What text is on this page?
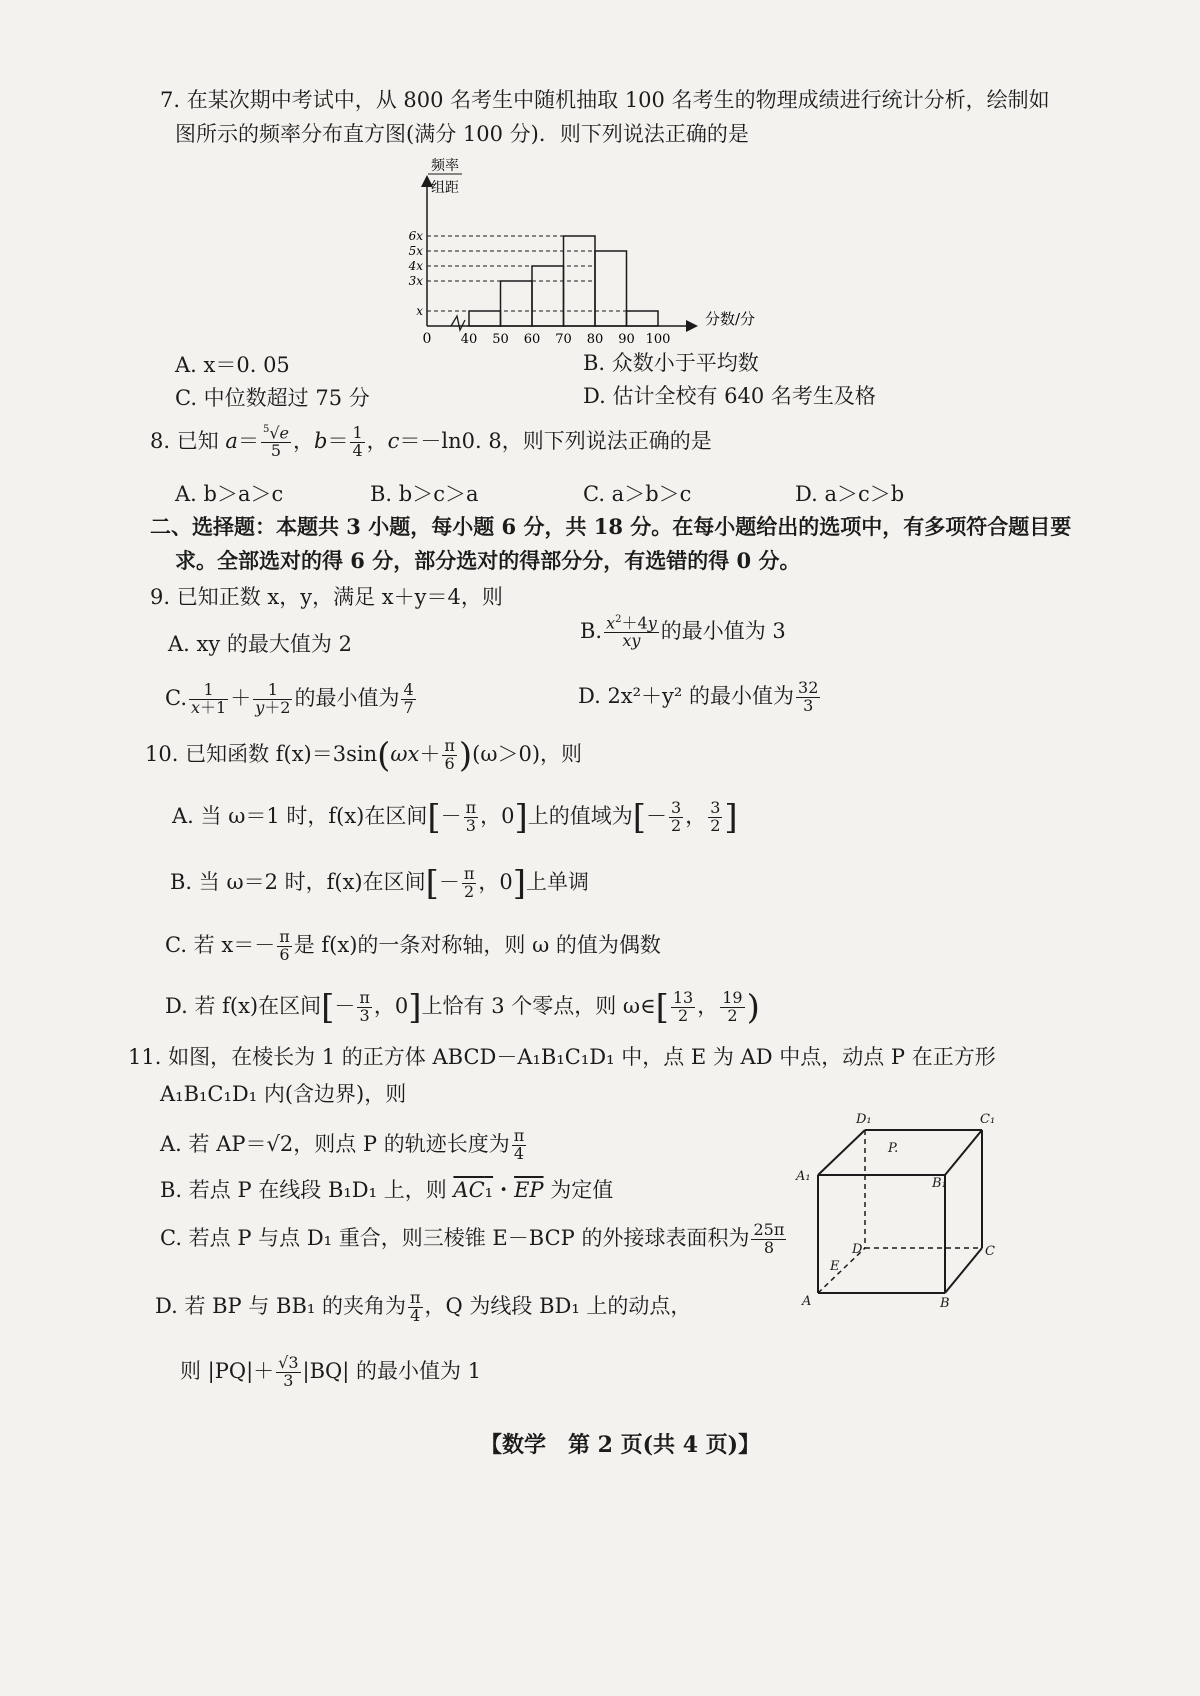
7. 在某次期中考试中，从 800 名考生中随机抽取 100 名考生的物理成绩进行统计分析，绘制如
图所示的频率分布直方图(满分 100 分)．则下列说法正确的是
频率
组距
0
分数/分
x
3x
4x
5x
6x
40 50 60 70 80 90 100
A. x＝0. 05	B. 众数小于平均数
C. 中位数超过 75 分	D. 估计全校有 640 名考生及格
8. 已知 $a= \frac{^5√e}{5}$ ，$b= \frac{1}{4}$ ，c＝－ln0. 8，则下列说法正确的是
A. b＞a＞c	B. b＞c＞a	C. a＞b＞c	D. a＞c＞b
二、选择题：本题共 3 小题，每小题 6 分，共 18 分。在每小题给出的选项中，有多项符合题目要
求。全部选对的得 6 分，部分选对的得部分分，有选错的得 0 分。
9. 已知正数 x，y，满足 x＋y＝4，则
A. xy 的最大值为 2
B. $\frac{x^2+4y}{xy}$ 的最小值为 3
C. $\frac{1}{x+1} + \frac{1}{y+2}$ 的最小值为 $\frac{4}{7}$	D. 2x²＋y² 的最小值为 $\frac{32}{3}$
10. 已知函数 $f(x)=3\sin(\omega x+ \frac{\pi}{6} )(\omega>0)$，则
A. 当 ω＝1 时，f(x)在区间[－ $\frac{\pi}{3}$ ，0]上的值域为[－ $\frac{3}{2}$ ， $\frac{3}{2}$ ]
B. 当 ω＝2 时，f(x)在区间[－ $\frac{\pi}{2}$ ，0]上单调
C. 若 $x=- \frac{\pi}{6}$ 是 f(x)的一条对称轴，则 ω 的值为偶数
D. 若 f(x)在区间[－ $\frac{\pi}{3}$ ，0]上恰有 3 个零点，则 ω∈[ $\frac{13}{2}$ ， $\frac{19}{2}$ )
11. 如图，在棱长为 1 的正方体 ABCD－A₁B₁C₁D₁ 中，点 E 为 AD 中点，动点 P 在正方形
A₁B₁C₁D₁ 内(含边界)，则
A. 若 AP＝√2，则点 P 的轨迹长度为 $\frac{\pi}{4}$
B. 若点 P 在线段 B₁D₁ 上，则 AC₁・$\overline{EP}$ 为定值
C. 若点 P 与点 D₁ 重合，则三棱锥 E－BCP 的外接球表面积为 $\frac{25\pi}{8}$
D. 若 BP 与 BB₁ 的夹角为 $\frac{\pi}{4}$ ，Q 为线段 BD₁ 上的动点，
则 $|PQ|+ \frac{√3}{3} |BQ|$ 的最小值为 1
D₁	C₁
A₁	B₁
P.
D	C
E
A	B
【数学　第 2 页(共 4 页)】
